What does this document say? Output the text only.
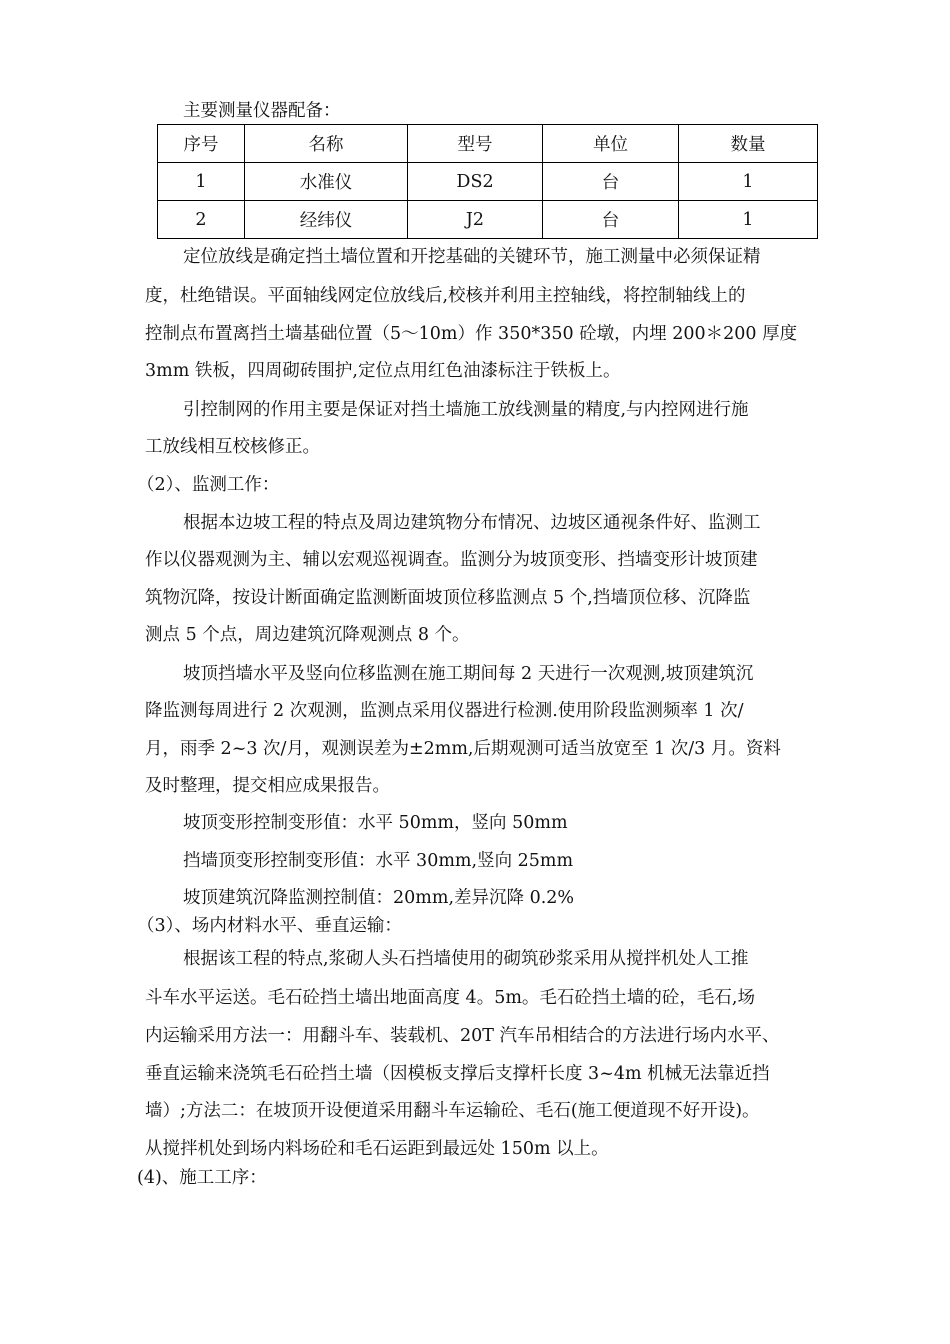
主要测量仪器配备：
序号	名称	型号	单位	数量
1	水准仪	DS2	台	1
2	经纬仪	J2	台	1
定位放线是确定挡土墙位置和开挖基础的关键环节，施工测量中必须保证精
度，杜绝错误。平面轴线网定位放线后,校核并利用主控轴线，将控制轴线上的
控制点布置离挡土墙基础位置（5～10m）作 350*350 砼墩，内埋 200＊200 厚度
3mm 铁板，四周砌砖围护,定位点用红色油漆标注于铁板上。
引控制网的作用主要是保证对挡土墙施工放线测量的精度,与内控网进行施
工放线相互校核修正。
（2）、监测工作：
根据本边坡工程的特点及周边建筑物分布情况、边坡区通视条件好、监测工
作以仪器观测为主、辅以宏观巡视调查。监测分为坡顶变形、挡墙变形计坡顶建
筑物沉降，按设计断面确定监测断面坡顶位移监测点 5 个,挡墙顶位移、沉降监
测点 5 个点，周边建筑沉降观测点 8 个。
坡顶挡墙水平及竖向位移监测在施工期间每 2 天进行一次观测,坡顶建筑沉
降监测每周进行 2 次观测，监测点采用仪器进行检测.使用阶段监测频率 1 次/
月，雨季 2~3 次/月，观测误差为±2mm,后期观测可适当放宽至 1 次/3 月。资料
及时整理，提交相应成果报告。
坡顶变形控制变形值：水平 50mm，竖向 50mm
挡墙顶变形控制变形值：水平 30mm,竖向 25mm
坡顶建筑沉降监测控制值：20mm,差异沉降 0.2%
（3）、场内材料水平、垂直运输：
根据该工程的特点,浆砌人头石挡墙使用的砌筑砂浆采用从搅拌机处人工推
斗车水平运送。毛石砼挡土墙出地面高度 4。5m。毛石砼挡土墙的砼，毛石,场
内运输采用方法一：用翻斗车、装载机、20T 汽车吊相结合的方法进行场内水平、
垂直运输来浇筑毛石砼挡土墙（因模板支撑后支撑杆长度 3~4m 机械无法靠近挡
墙）;方法二：在坡顶开设便道采用翻斗车运输砼、毛石(施工便道现不好开设)。
从搅拌机处到场内料场砼和毛石运距到最远处 150m 以上。
(4)、施工工序：
